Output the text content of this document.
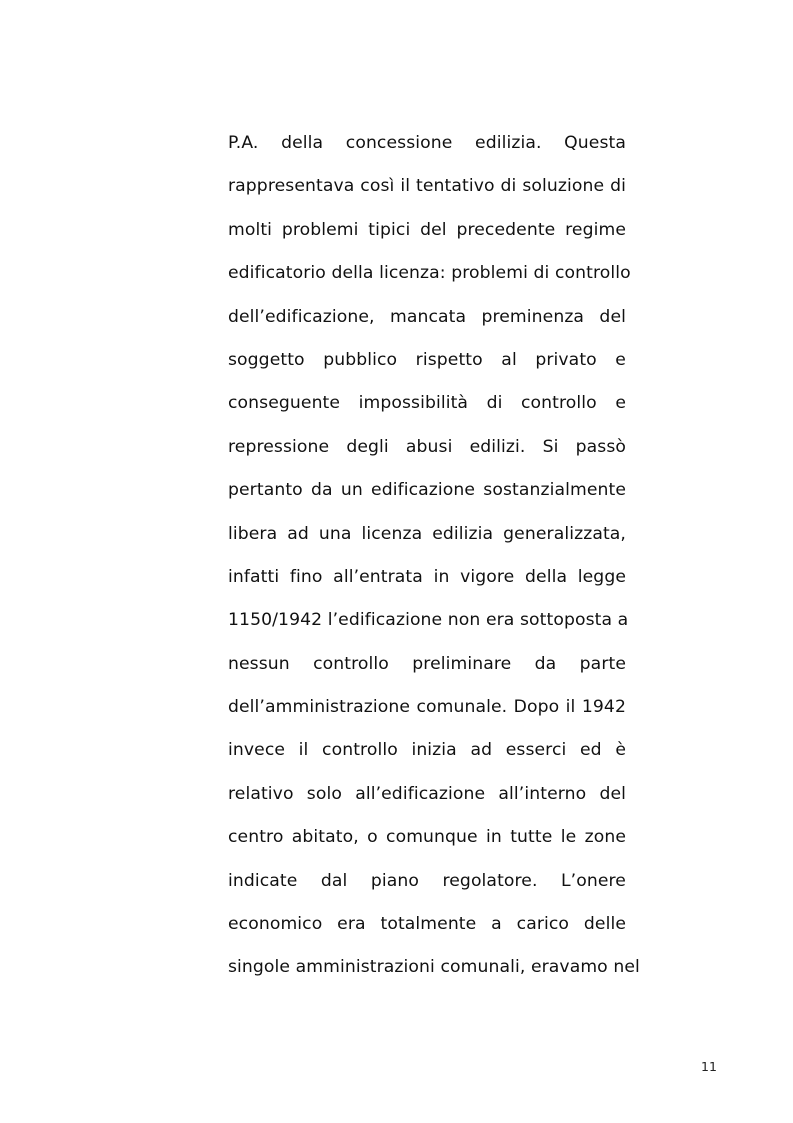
P.A. della concessione edilizia. Questa
rappresentava così il tentativo di soluzione di
molti problemi tipici del precedente regime
edificatorio della licenza: problemi di controllo
dell’edificazione, mancata preminenza del
soggetto pubblico rispetto al privato e
conseguente impossibilità di controllo e
repressione degli abusi edilizi. Si passò
pertanto da un edificazione sostanzialmente
libera ad una licenza edilizia generalizzata,
infatti fino all’entrata in vigore della legge
1150/1942 l’edificazione non era sottoposta a
nessun controllo preliminare da parte
dell’amministrazione comunale. Dopo il 1942
invece il controllo inizia ad esserci ed è
relativo solo all’edificazione all’interno del
centro abitato, o comunque in tutte le zone
indicate dal piano regolatore. L’onere
economico era totalmente a carico delle
singole amministrazioni comunali, eravamo nel
11
